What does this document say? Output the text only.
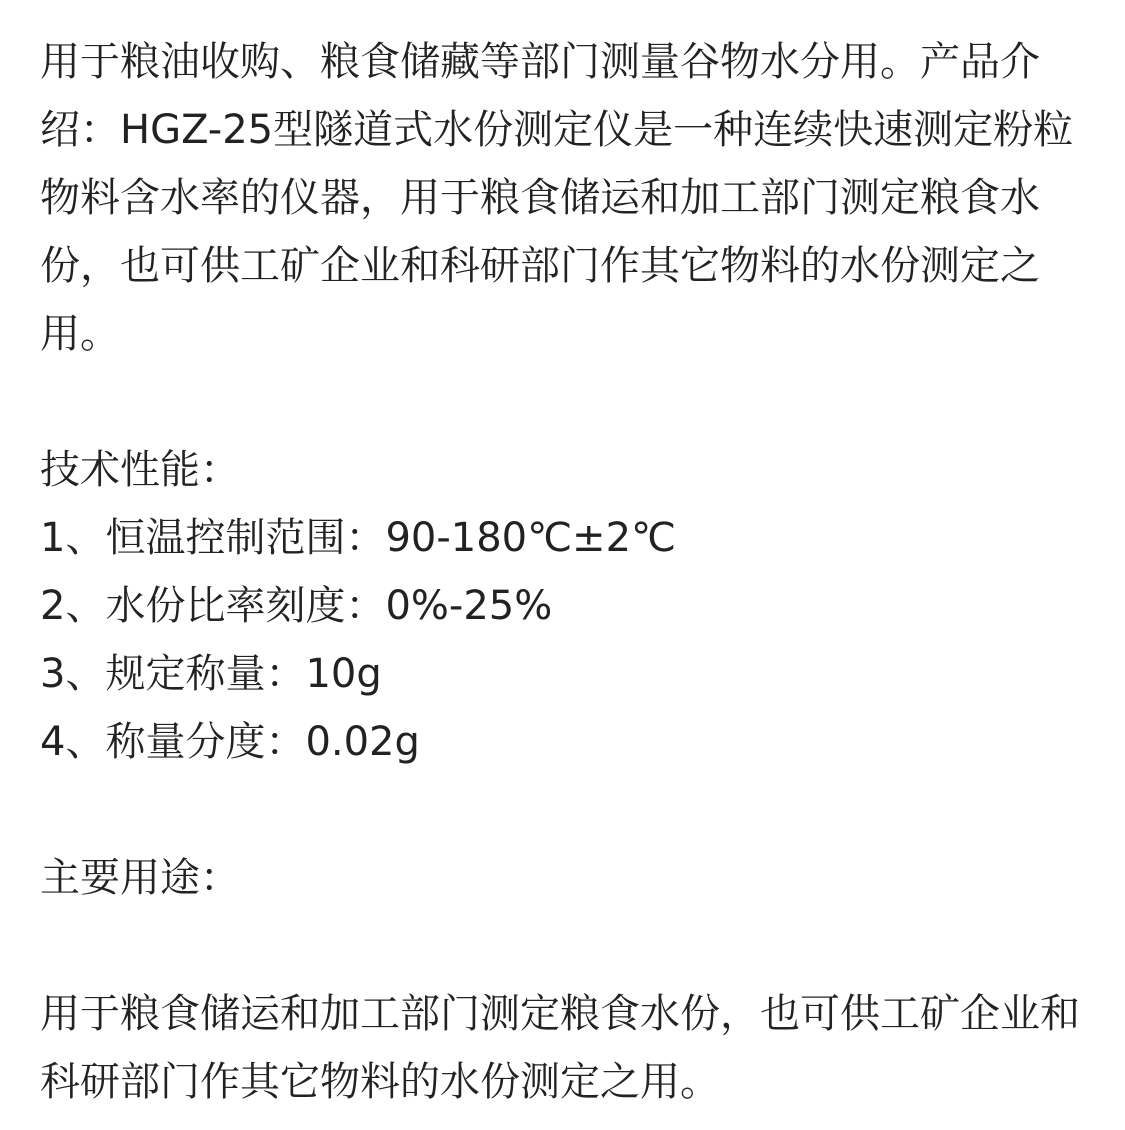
用于粮油收购、粮食储藏等部门测量谷物水分用。产品介绍：HGZ-25型隧道式水份测定仪是一种连续快速测定粉粒物料含水率的仪器，用于粮食储运和加工部门测定粮食水份，也可供工矿企业和科研部门作其它物料的水份测定之用。

技术性能：
1、恒温控制范围：90-180℃±2℃
2、水份比率刻度：0%-25%
3、规定称量：10g
4、称量分度：0.02g
主要用途：

用于粮食储运和加工部门测定粮食水份，也可供工矿企业和科研部门作其它物料的水份测定之用。
